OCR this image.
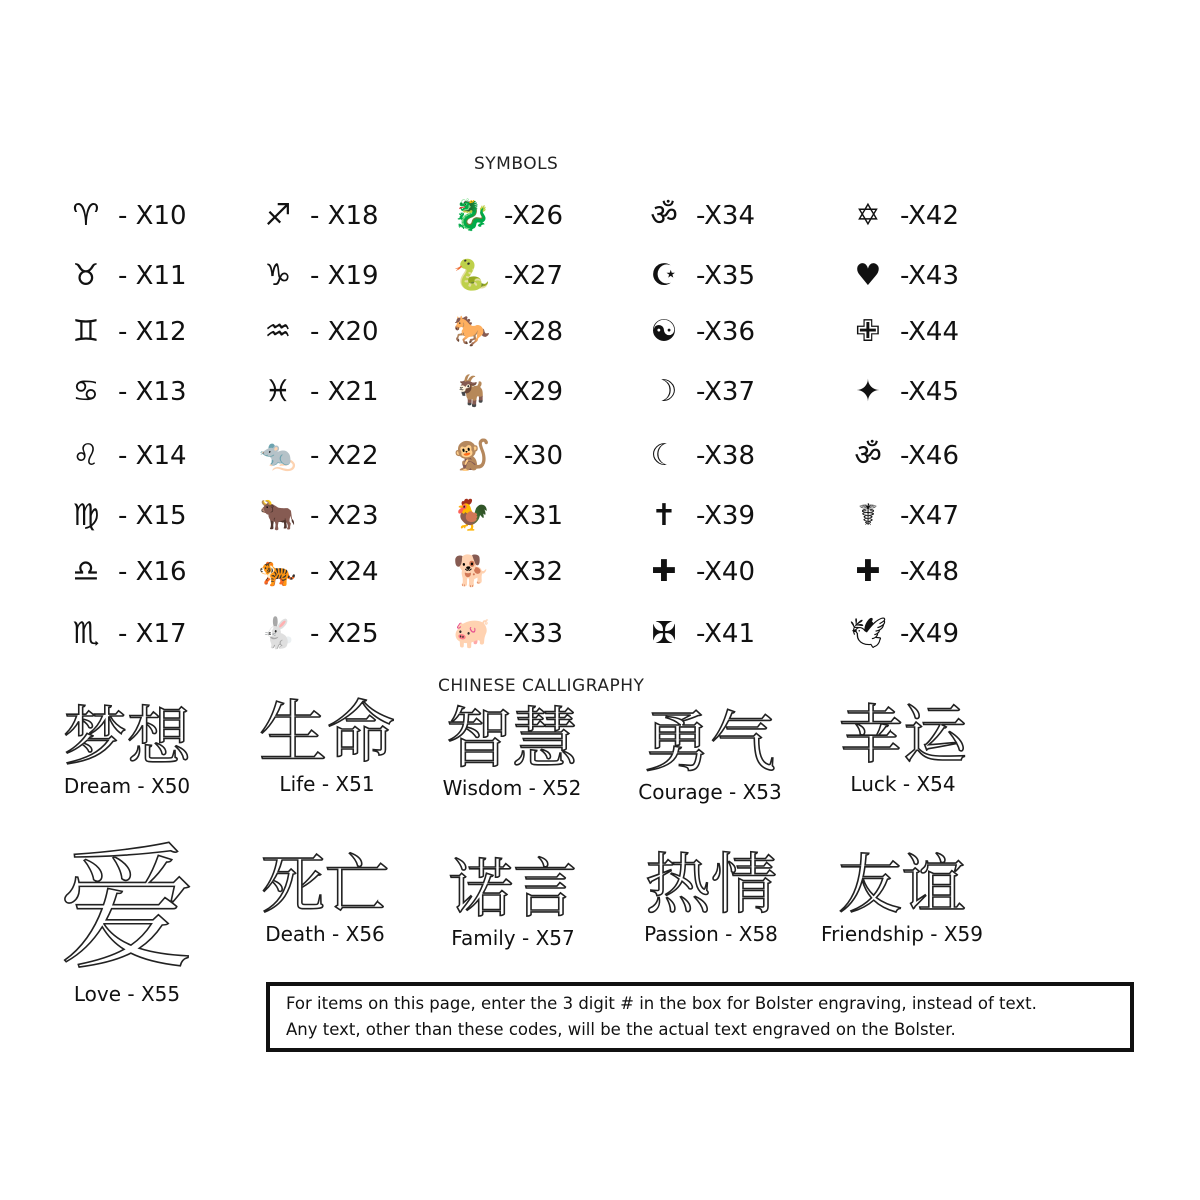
SYMBOLS
♈ - X10
♉ - X11
♊ - X12
♋ - X13
♌ - X14
♍ - X15
♎ - X16
♏ - X17
♐ - X18
♑ - X19
♒ - X20
♓ - X21
🐀 - X22
🐂 - X23
🐅 - X24
🐇 - X25
🐉 -X26
🐍 -X27
🐎 -X28
🐐 -X29
🐒 -X30
🐓 -X31
🐕 -X32
🐖 -X33
ॐ -X34
☪ -X35
☯ -X36
☽ -X37
☾ -X38
✝ -X39
✚ -X40
✠ -X41
✡ -X42
♥ -X43
✙ -X44
✦ -X45
ॐ -X46
☤ -X47
✚ -X48
🕊 -X49
CHINESE CALLIGRAPHY
梦想
Dream - X50
生命
Life - X51
智慧
Wisdom - X52
勇气
Courage - X53
幸运
Luck - X54
爱
Love - X55
死亡
Death - X56
诺言
Family - X57
热情
Passion - X58
友谊
Friendship - X59

For items on this page, enter the 3 digit # in the box for Bolster engraving, instead of text.

Any text, other than these codes, will be the actual text engraved on the Bolster.
